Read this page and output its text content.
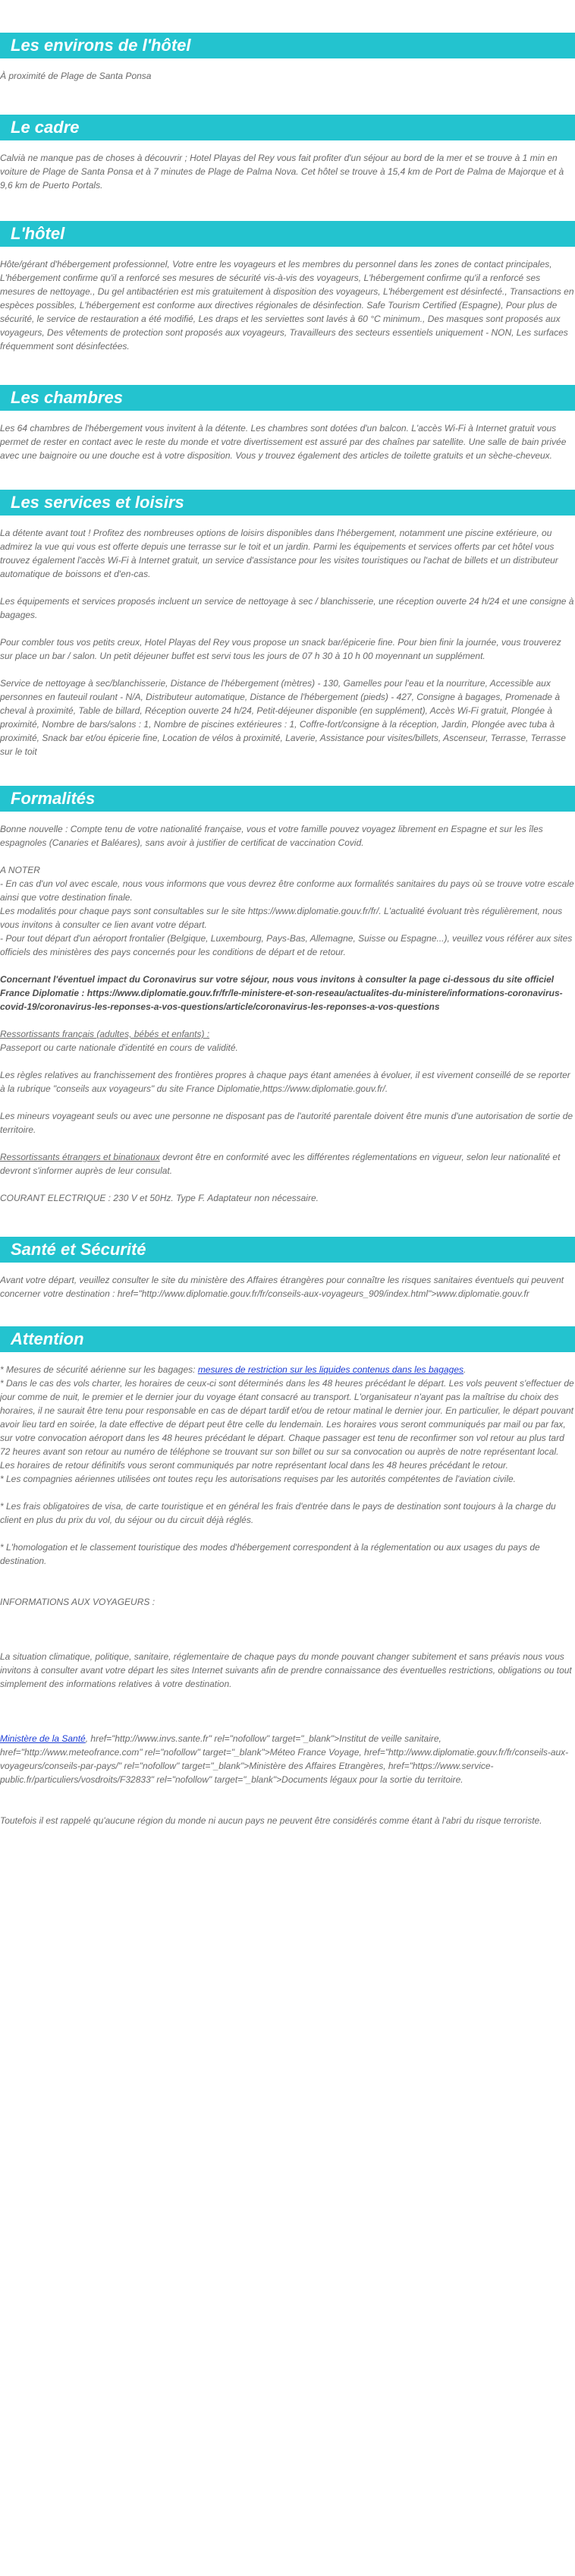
Les environs de l'hôtel

À proximité de Plage de Santa Ponsa

Le cadre

Calvià ne manque pas de choses à découvrir ; Hotel Playas del Rey vous fait profiter d'un séjour au bord de la mer et se trouve à 1 min en voiture de Plage de Santa Ponsa et à 7 minutes de Plage de Palma Nova. Cet hôtel se trouve à 15,4 km de Port de Palma de Majorque et à 9,6 km de Puerto Portals.

L'hôtel

Hôte/gérant d'hébergement professionnel, Votre entre les voyageurs et les membres du personnel dans les zones de contact principales, L'hébergement confirme qu'il a renforcé ses mesures de sécurité vis-à-vis des voyageurs, L'hébergement confirme qu'il a renforcé ses mesures de nettoyage., Du gel antibactérien est mis gratuitement à disposition des voyageurs, L'hébergement est désinfecté., Transactions en espèces possibles, L'hébergement est conforme aux directives régionales de désinfection. Safe Tourism Certified (Espagne), Pour plus de sécurité, le service de restauration a été modifié, Les draps et les serviettes sont lavés à 60 °C minimum., Des masques sont proposés aux voyageurs, Des vêtements de protection sont proposés aux voyageurs, Travailleurs des secteurs essentiels uniquement - NON, Les surfaces fréquemment sont désinfectées.

Les chambres

Les 64 chambres de l'hébergement vous invitent à la détente. Les chambres sont dotées d'un balcon. L'accès Wi-Fi à Internet gratuit vous permet de rester en contact avec le reste du monde et votre divertissement est assuré par des chaînes par satellite. Une salle de bain privée avec une baignoire ou une douche est à votre disposition. Vous y trouvez également des articles de toilette gratuits et un sèche-cheveux.

Les services et loisirs

La détente avant tout ! Profitez des nombreuses options de loisirs disponibles dans l'hébergement, notamment une piscine extérieure, ou admirez la vue qui vous est offerte depuis une terrasse sur le toit et un jardin. Parmi les équipements et services offerts par cet hôtel vous trouvez également l'accès Wi-Fi à Internet gratuit, un service d'assistance pour les visites touristiques ou l'achat de billets et un distributeur automatique de boissons et d'en-cas.

Les équipements et services proposés incluent un service de nettoyage à sec / blanchisserie, une réception ouverte 24 h/24 et une consigne à bagages.

Pour combler tous vos petits creux, Hotel Playas del Rey vous propose un snack bar/épicerie fine. Pour bien finir la journée, vous trouverez sur place un bar / salon. Un petit déjeuner buffet est servi tous les jours de 07 h 30 à 10 h 00 moyennant un supplément.

Service de nettoyage à sec/blanchisserie, Distance de l'hébergement (mètres) - 130, Gamelles pour l'eau et la nourriture, Accessible aux personnes en fauteuil roulant - N/A, Distributeur automatique, Distance de l'hébergement (pieds) - 427, Consigne à bagages, Promenade à cheval à proximité, Table de billard, Réception ouverte 24 h/24, Petit-déjeuner disponible (en supplément), Accès Wi-Fi gratuit, Plongée à proximité, Nombre de bars/salons : 1, Nombre de piscines extérieures : 1, Coffre-fort/consigne à la réception, Jardin, Plongée avec tuba à proximité, Snack bar et/ou épicerie fine, Location de vélos à proximité, Laverie, Assistance pour visites/billets, Ascenseur, Terrasse, Terrasse sur le toit

Formalités

Bonne nouvelle : Compte tenu de votre nationalité française, vous et votre famille pouvez voyagez librement en Espagne et sur les îles espagnoles (Canaries et Baléares), sans avoir à justifier de certificat de vaccination Covid.

A NOTER

- En cas d'un vol avec escale, nous vous informons que vous devrez être conforme aux formalités sanitaires du pays où se trouve votre escale ainsi que votre destination finale.

Les modalités pour chaque pays sont consultables sur le site https://www.diplomatie.gouv.fr/fr/. L'actualité évoluant très régulièrement, nous vous invitons à consulter ce lien avant votre départ.

- Pour tout départ d'un aéroport frontalier (Belgique, Luxembourg, Pays-Bas, Allemagne, Suisse ou Espagne...), veuillez vous référer aux sites officiels des ministères des pays concernés pour les conditions de départ et de retour.

Concernant l'éventuel impact du Coronavirus sur votre séjour, nous vous invitons à consulter la page ci-dessous du site officiel France Diplomatie : https://www.diplomatie.gouv.fr/fr/le-ministere-et-son-reseau/actualites-du-ministere/informations-coronavirus-covid-19/coronavirus-les-reponses-a-vos-questions/article/coronavirus-les-reponses-a-vos-questions

Ressortissants français (adultes, bébés et enfants) :

Passeport ou carte nationale d'identité en cours de validité.

Les règles relatives au franchissement des frontières propres à chaque pays étant amenées à évoluer, il est vivement conseillé de se reporter à la rubrique "conseils aux voyageurs" du site France Diplomatie,https://www.diplomatie.gouv.fr/.

Les mineurs voyageant seuls ou avec une personne ne disposant pas de l'autorité parentale doivent être munis d'une autorisation de sortie de territoire.

Ressortissants étrangers et binationaux devront être en conformité avec les différentes réglementations en vigueur, selon leur nationalité et devront s'informer auprès de leur consulat.

COURANT ELECTRIQUE : 230 V et 50Hz. Type F. Adaptateur non nécessaire.

Santé et Sécurité

Avant votre départ, veuillez consulter le site du ministère des Affaires étrangères pour connaître les risques sanitaires éventuels qui peuvent concerner votre destination : href="http://www.diplomatie.gouv.fr/fr/conseils-aux-voyageurs_909/index.html">www.diplomatie.gouv.fr

Attention

* Mesures de sécurité aérienne sur les bagages: mesures de restriction sur les liquides contenus dans les bagages.

* Dans le cas des vols charter, les horaires de ceux-ci sont déterminés dans les 48 heures précédant le départ. Les vols peuvent s'effectuer de jour comme de nuit, le premier et le dernier jour du voyage étant consacré au transport. L'organisateur n'ayant pas la maîtrise du choix des horaires, il ne saurait être tenu pour responsable en cas de départ tardif et/ou de retour matinal le dernier jour. En particulier, le départ pouvant avoir lieu tard en soirée, la date effective de départ peut être celle du lendemain. Les horaires vous seront communiqués par mail ou par fax, sur votre convocation aéroport dans les 48 heures précédant le départ. Chaque passager est tenu de reconfirmer son vol retour au plus tard 72 heures avant son retour au numéro de téléphone se trouvant sur son billet ou sur sa convocation ou auprès de notre représentant local. Les horaires de retour définitifs vous seront communiqués par notre représentant local dans les 48 heures précédant le retour.

* Les compagnies aériennes utilisées ont toutes reçu les autorisations requises par les autorités compétentes de l'aviation civile.

* Les frais obligatoires de visa, de carte touristique et en général les frais d'entrée dans le pays de destination sont toujours à la charge du client en plus du prix du vol, du séjour ou du circuit déjà réglés.

* L'homologation et le classement touristique des modes d'hébergement correspondent à la réglementation ou aux usages du pays de destination.

INFORMATIONS AUX VOYAGEURS :

La situation climatique, politique, sanitaire, réglementaire de chaque pays du monde pouvant changer subitement et sans préavis nous vous invitons à consulter avant votre départ les sites Internet suivants afin de prendre connaissance des éventuelles restrictions, obligations ou tout simplement des informations relatives à votre destination.

Ministère de la Santé, href="http://www.invs.sante.fr" rel="nofollow" target="_blank">Institut de veille sanitaire, href="http://www.meteofrance.com" rel="nofollow" target="_blank">Méteo France Voyage, href="http://www.diplomatie.gouv.fr/fr/conseils-aux-voyageurs/conseils-par-pays/" rel="nofollow" target="_blank">Ministère des Affaires Etrangères, href="https://www.service-public.fr/particuliers/vosdroits/F32833" rel="nofollow" target="_blank">Documents légaux pour la sortie du territoire.

Toutefois il est rappelé qu'aucune région du monde ni aucun pays ne peuvent être considérés comme étant à l'abri du risque terroriste.
